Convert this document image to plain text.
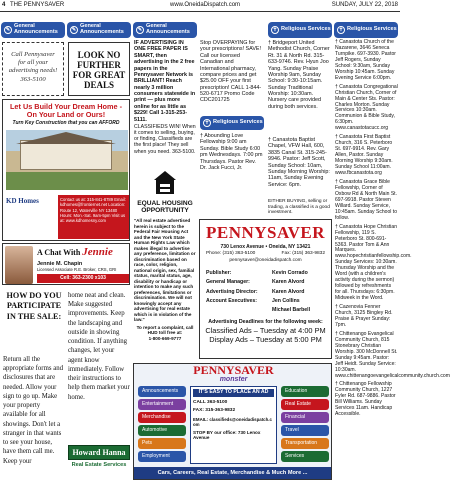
4 THE PENNYSAVER	www.OneidaDispatch.com	SUNDAY, JULY 22, 2018
✎
General Announcements	✎
General Announcements	✎
General Announcements	✝ Religious Services	✝ Religious Services
Call Pennysaver for all your advertising needs! 363-5100
LOOK NO FURTHER FOR GREAT DEALS
Let Us Build Your Dream Home - On Your Land or Ours!
Turn Key Construction that you can AFFORD
KD Homes	Contact us at: 315-841-8789 Email: kdhomes@frontiernet.net Location: Route 12, Waterville NY 13480 Hours: Mon.-Sat. 9am-5pm Visit us at: www.kdhomesny.com
A Chat With Jennie
Jennie M. Chapin
Licensed Associate R.E. Broker, CRS, GRI
Cell: 363-2300 x103
HOW DO YOU PARTICIPATE IN THE SALE:
Return all the appropriate forms and disclosures that are needed. Allow your sign to go up. Make your property available for all showings. Don't let a stranger in that wants to see your house, have them call me. Keep your
home neat and clean. Make suggested improvements. Keep the landscaping and outside in showing condition. If anything changes, let your agent know immediately. Follow their instructions to help them market your home.
Howard Hanna
Real Estate Services
IF ADVERTISING IN ONE FREE PAPER IS SMART, then advertising in the 2 free papers in the Pennysaver Network is BRILLIANT! Reach nearly 3 million consumers statewide in print — plus more online for as little as $229! Call 1-315-253-5111.
CLASSIFIEDS WIN! When it comes to selling, buying, or finding, Classifieds are the first place! They sell when you need. 363-5100.
EQUAL HOUSING OPPORTUNITY
"All real estate advertised herein is subject to the Federal Fair Housing Act and the New York State Human Rights Law which makes illegal to advertise any preference, limitation or discrimination based on race, color, religion, national origin, sex, familial status, marital status, age, disability or handicap or intention to make any such preferences, limitations or discrimination. We will not knowingly accept any advertising for real estate which is in violation of the law."
To report a complaint, call HUD toll free at:
1-800-669-9777
Stop OVERPAYING for your prescriptions! SAVE! Call our licensed Canadian and International pharmacy, compare prices and get $25.00 OFF your first prescription! CALL 1-844-520-6717 Promo Code CDC201725
✝ Religious Services
† Abounding Love Fellowship 9:00 am Sunday. Bible Study 6:00 pm Wednesdays. 7:00 pm Thursdays. Pastor Rev. Dr. Jack Fucci, Jr.
† Bridgeport United Methodist Church, Corner Rt. 31 & North Rd. 315-633-9746. Rev. Hyun Joo Yang. Sunday Praise Worship 9am, Sunday School: 9:30-10:15am. Sunday Traditional Worship: 10:30am. Nursery care provided during both services.
† Canastota Baptist Chapel, VFW Hall, 600, 3835 Canal St. 315-245-9946. Pastor: Jeff Scott, Sunday School: 10am, Sunday Morning Worship: 11am, Sunday Evening Service: 6pm.
EITHER BUYING, selling or trading, a classified is a good investment.
† Canastota Church of the Nazarene, 3646 Seneca Turnpike. 697-3930. Pastor Jeff Rogers, Sunday School: 9:30am, Sunday Worship 10:45am. Sunday Evening Service 6:00pm.
† Canastota Congregational Christian Church, Corner of Main & Center Sts. Pastor: Charles Morton. Sunday Services 10:30am. Communion & Bible Study, 6:30pm. www.canastotacucc.org
† Canastota First Baptist Church, 316 S. Peterboro St. 697-9914. Rev. Gary Allen, Pastor. Sunday Morning Worship 9:30am. Sunday School 11:00am. www.fbcanastota.org
† Canastota Grace Bible Fellowship, Corner of Oxbow Rd & North Main St. 697-9918. Pastor Steven Willard. Sunday Service, 10:45am. Sunday School to follow.
† Canastota Hope Christian Fellowship, 119 S. Peterboro St. 800-691-5363. Pastor Tom & Ann Marques. www.hopechristianfellowship.com. Sunday Services: 10:30am. Thursday Worship and the Word (with a children's activity during the sermon) followed by refreshments for all. Thursdays: 6:30pm. Midweek in the Word.
† Cazenovia Fenner Church, 3125 Bingley Rd. Praise & Prayer Sunday: 7pm.
† Chittenango Evangelical Community Church, 815 Stonebrary Christian Worship. 300 McDonnell St. Sunday 9:45am. Pastor: Jeff Heidt. Sunday Service: 10:30am. www.chittenangoevangelicalcommunity.church.com
† Chittenango Fellowship Community Church, 1227 Fyler Rd. 687-9886. Pastor Bill Williams. Sunday Services 11am. Handicap Accessible.
PENNYSAVER
730 Lenox Avenue • Oneida, NY 13421
Phone: (315) 363-5100	Fax: (315) 363-9832
pennysaver@oneidadispatch.com
Publisher:	Kevin Corrado
General Manager:	Karen Alvord
Advertising Director:	Karen Alvord
Account Executives:	Jen Collins
Michael Barbell
Advertising Deadlines for the following week:
Classified Ads – Tuesday at 4:00 PM
Display Ads – Tuesday at 5:00 PM
PENNYSAVER
monster
Announcements
Entertainment
Merchandise
Automotive
Pets
Employment
IT'S EASY TO PLACE AN AD
CALL 363-5100
FAX: 315-363-9832
EMAIL: classifieds@oneidadispatch.com
STOP BY our office: 730 Lenox Avenue
Education
Real Estate
Financial
Travel
Transportation
Services
Cars, Careers, Real Estate, Merchandise & Much More ...
